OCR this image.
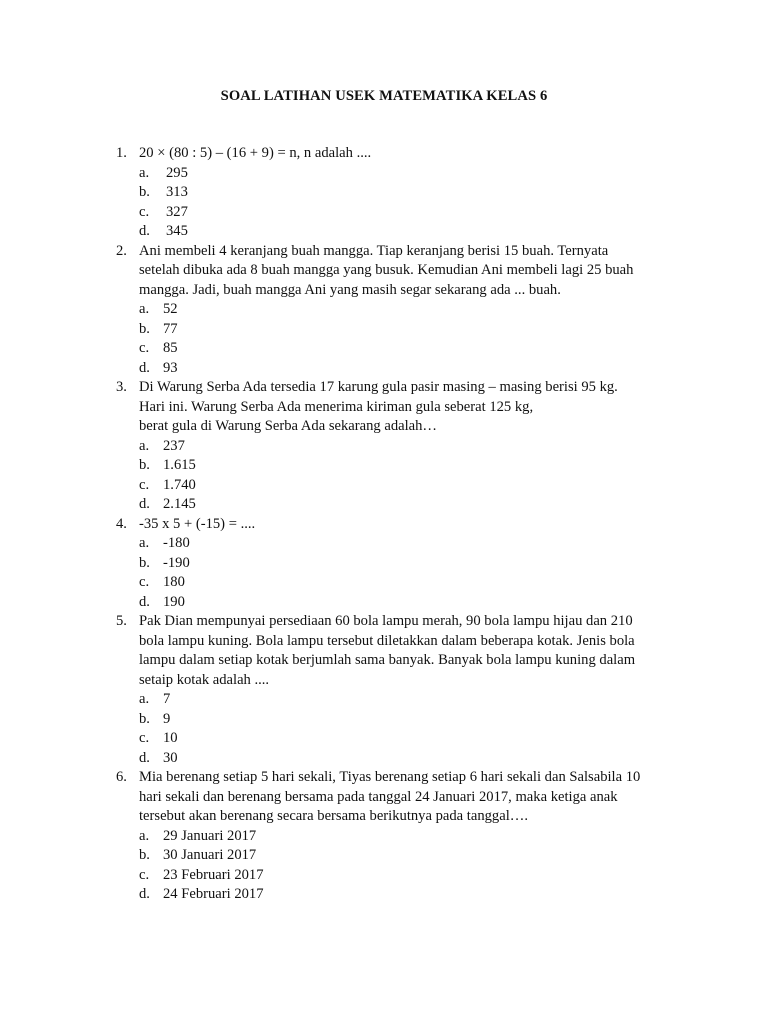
SOAL LATIHAN USEK MATEMATIKA KELAS 6
1. 20 × (80 : 5) – (16 + 9) = n, n adalah ....
a. 295
b. 313
c. 327
d. 345
2. Ani membeli 4 keranjang buah mangga. Tiap keranjang berisi 15 buah. Ternyata
setelah dibuka ada 8 buah mangga yang busuk. Kemudian Ani membeli lagi 25 buah
mangga. Jadi, buah mangga Ani yang masih segar sekarang ada ... buah.
a. 52
b. 77
c. 85
d. 93
3. Di Warung Serba Ada tersedia 17 karung gula pasir masing – masing berisi 95 kg.
Hari ini. Warung Serba Ada menerima kiriman gula seberat 125 kg,
berat gula di Warung Serba Ada sekarang adalah…
a. 237
b. 1.615
c. 1.740
d. 2.145
4. -35 x 5 + (-15) = ....
a. -180
b. -190
c. 180
d. 190
5. Pak Dian mempunyai persediaan 60 bola lampu merah, 90 bola lampu hijau dan 210
bola lampu kuning. Bola lampu tersebut diletakkan dalam beberapa kotak. Jenis bola
lampu dalam setiap kotak berjumlah sama banyak. Banyak bola lampu kuning dalam
setaip kotak adalah ....
a. 7
b. 9
c. 10
d. 30
6. Mia berenang setiap 5 hari sekali, Tiyas berenang setiap 6 hari sekali dan Salsabila 10
hari sekali dan berenang bersama pada tanggal 24 Januari 2017, maka ketiga anak
tersebut akan berenang secara bersama berikutnya pada tanggal….
a. 29 Januari 2017
b. 30 Januari 2017
c. 23 Februari 2017
d. 24 Februari 2017
